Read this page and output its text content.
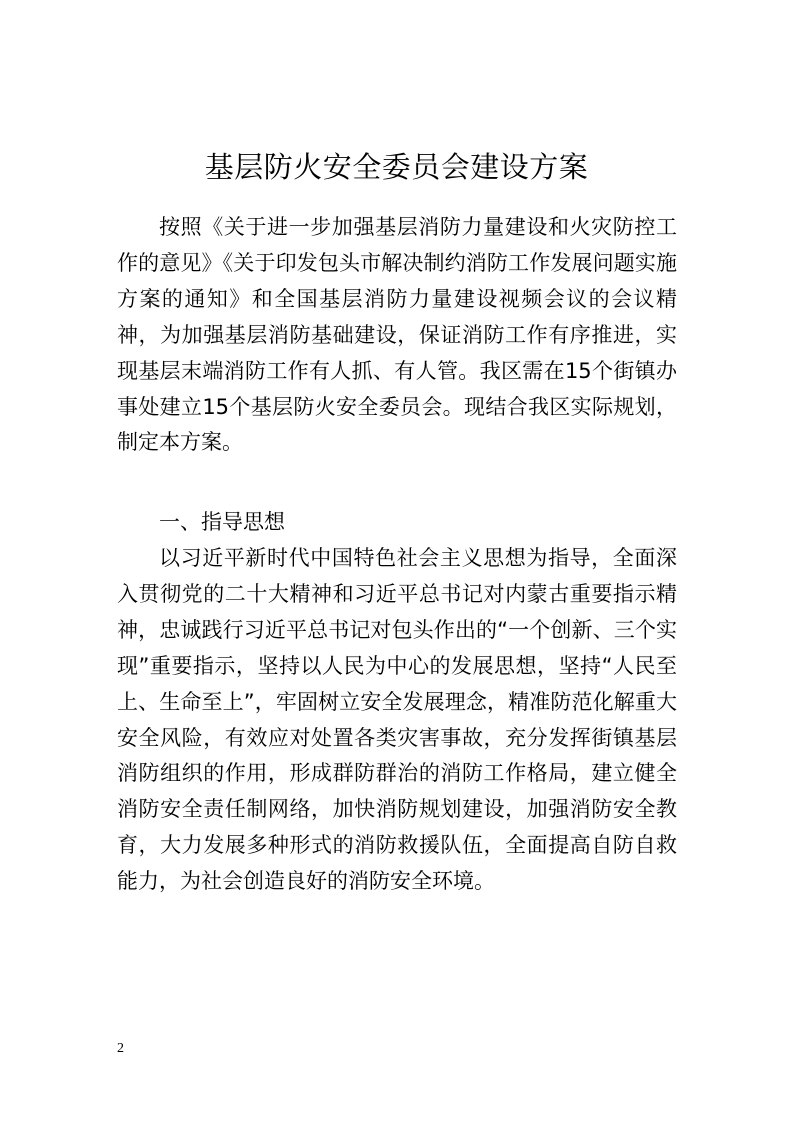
基层防火安全委员会建设方案
按照《关于进一步加强基层消防力量建设和火灾防控工作的意见》《关于印发包头市解决制约消防工作发展问题实施方案的通知》和全国基层消防力量建设视频会议的会议精神，为加强基层消防基础建设，保证消防工作有序推进，实现基层末端消防工作有人抓、有人管。我区需在15个街镇办事处建立15个基层防火安全委员会。现结合我区实际规划，制定本方案。
一、指导思想
以习近平新时代中国特色社会主义思想为指导，全面深入贯彻党的二十大精神和习近平总书记对内蒙古重要指示精神，忠诚践行习近平总书记对包头作出的“一个创新、三个实现”重要指示，坚持以人民为中心的发展思想，坚持“人民至上、生命至上”，牢固树立安全发展理念，精准防范化解重大安全风险，有效应对处置各类灾害事故，充分发挥街镇基层消防组织的作用，形成群防群治的消防工作格局，建立健全消防安全责任制网络，加快消防规划建设，加强消防安全教育，大力发展多种形式的消防救援队伍，全面提高自防自救能力，为社会创造良好的消防安全环境。
2
